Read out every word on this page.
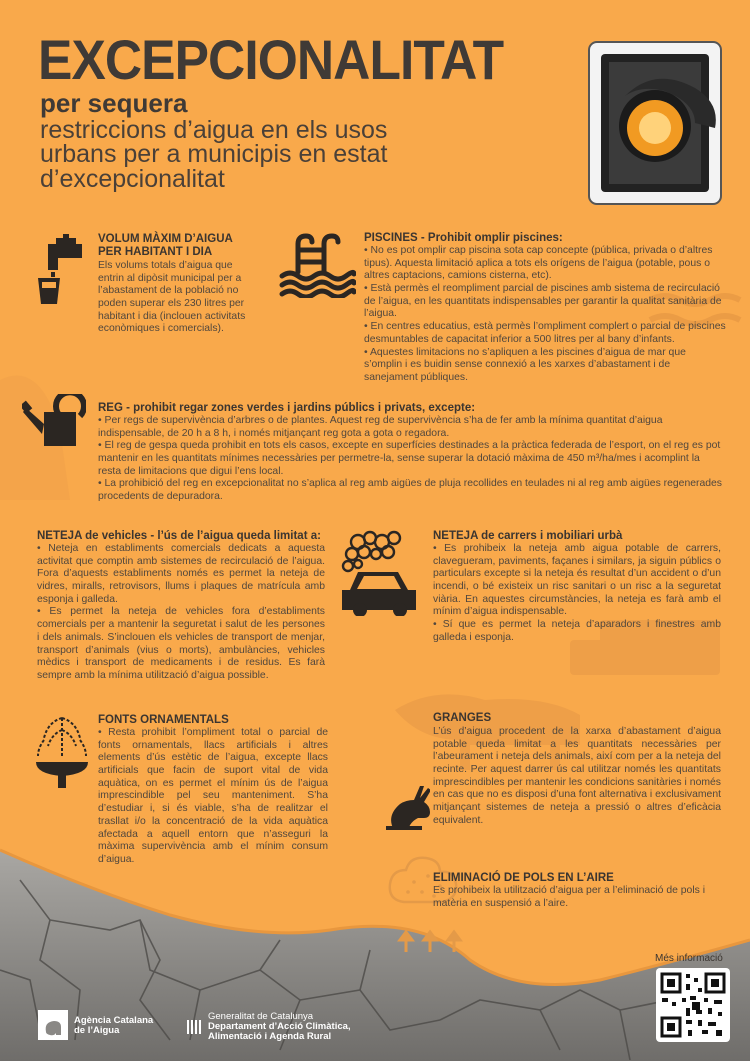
EXCEPCIONALITAT
per sequera
restriccions d’aigua en els usos urbans per a municipis en estat d’excepcionalitat
VOLUM MÀXIM D’AIGUA PER HABITANT I DIA
Els volums totals d’aigua que entrin al dipòsit municipal per a l’abastament de la població no poden superar els 230 litres per habitant i dia (inclouen activitats econòmiques i comercials).
PISCINES - Prohibit omplir piscines:

• No es pot omplir cap piscina sota cap concepte (pública, privada o d’altres tipus). Aquesta limitació aplica a tots els orígens de l’aigua (potable, pous o altres captacions, camions cisterna, etc).

• Està permès el reompliment parcial de piscines amb sistema de recirculació de l’aigua, en les quantitats indispensables per garantir la qualitat sanitària de l’aigua.

• En centres educatius, està permès l’ompliment complert o parcial de piscines desmuntables de capacitat inferior a 500 litres per al bany d’infants.

• Aquestes limitacions no s’apliquen a les piscines d’aigua de mar que s’omplin i es buidin sense connexió a les xarxes d’abastament i de sanejament públiques.

REG - prohibit regar zones verdes i jardins públics i privats, excepte:

• Per regs de supervivència d’arbres o de plantes. Aquest reg de supervivència s’ha de fer amb la mínima quantitat d’aigua indispensable, de 20 h a 8 h, i només mitjançant reg gota a gota o regadora.

• El reg de gespa queda prohibit en tots els casos, excepte en superfícies destinades a la pràctica federada de l’esport, on el reg es pot mantenir en les quantitats mínimes necessàries per permetre-la, sense superar la dotació màxima de 450 m³/ha/mes i acomplint la resta de limitacions que digui l’ens local.

• La prohibició del reg en excepcionalitat no s’aplica al reg amb aigües de pluja recollides en teulades ni al reg amb aigües regenerades procedents de depuradora.

NETEJA de vehicles - l’ús de l’aigua queda limitat a:

• Neteja en establiments comercials dedicats a aquesta activitat que comptin amb sistemes de recirculació de l’aigua. Fora d’aquests establiments només es permet la neteja de vidres, miralls, retrovisors, llums i plaques de matrícula amb esponja i galleda.

• Es permet la neteja de vehicles fora d’establiments comercials per a mantenir la seguretat i salut de les persones i dels animals. S’inclouen els vehicles de transport de menjar, transport d’animals (vius o morts), ambulàncies, vehicles mèdics i transport de medicaments i de residus. Es farà sempre amb la mínima utilització d’aigua possible.

NETEJA de carrers i mobiliari urbà

• Es prohibeix la neteja amb aigua potable de carrers, clavegueram, paviments, façanes i similars, ja siguin públics o particulars excepte si la neteja és resultat d’un accident o d’un incendi, o bé existeix un risc sanitari o un risc a la seguretat viària. En aquestes circumstàncies, la neteja es farà amb el mínim d’aigua indispensable.

• Sí que es permet la neteja d’aparadors i finestres amb galleda i esponja.

FONTS ORNAMENTALS
• Resta prohibit l’ompliment total o parcial de fonts ornamentals, llacs artificials i altres elements d’ús estètic de l’aigua, excepte llacs artificials que facin de suport vital de vida aquàtica, on es permet el mínim ús de l’aigua imprescindible pel seu manteniment. S’ha d’estudiar i, si és viable, s’ha de realitzar el trasllat i/o la concentració de la vida aquàtica afectada a aquell entorn que n’asseguri la màxima supervivència amb el mínim consum d’aigua.
GRANGES
L’ús d’aigua procedent de la xarxa d’abastament d’aigua potable queda limitat a les quantitats necessàries per l’abeurament i neteja dels animals, així com per a la neteja del recinte. Per aquest darrer ús cal utilitzar només les quantitats imprescindibles per mantenir les condicions sanitàries i només en cas que no es disposi d’una font alternativa i exclusivament mitjançant sistemes de neteja a pressió o altres d’eficàcia equivalent.
ELIMINACIÓ DE POLS EN L’AIRE
Es prohibeix la utilització d’aigua per a l’eliminació de pols i matèria en suspensió a l’aire.
Més informació
Agència Catalana
de l’Aigua
Generalitat de Catalunya
Departament d’Acció Climàtica,
Alimentació i Agenda Rural
